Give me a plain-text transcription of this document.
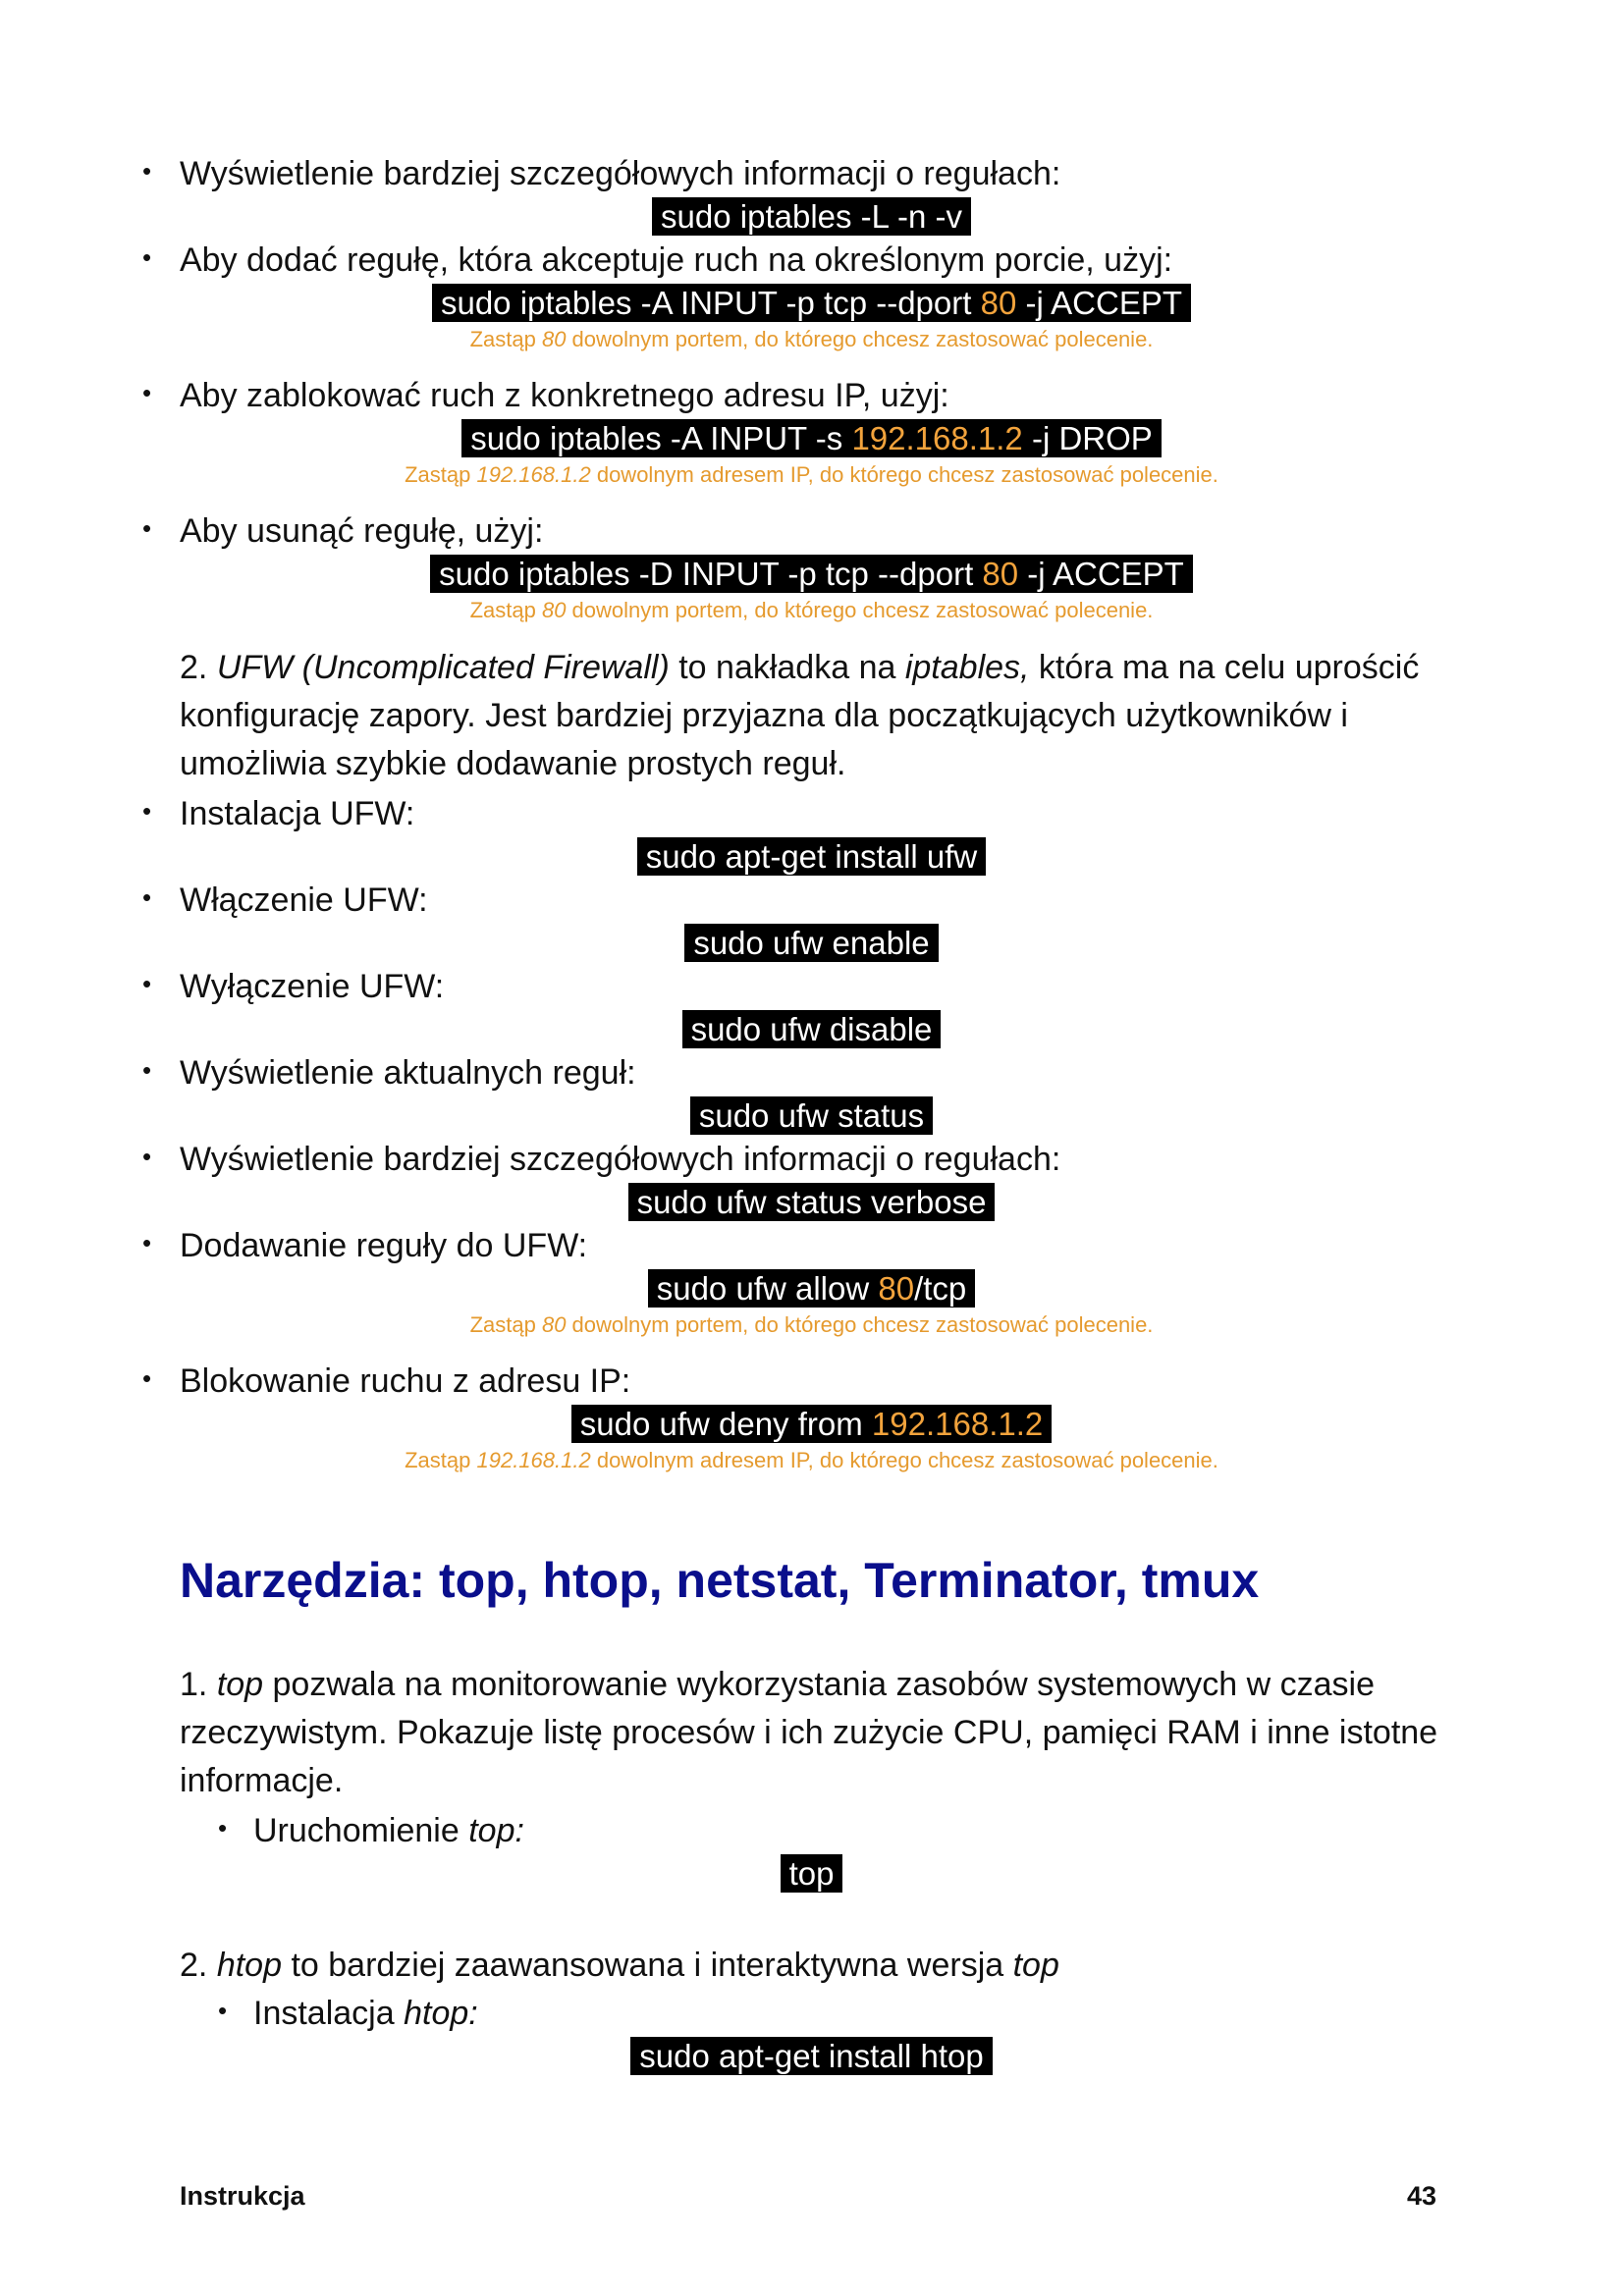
• Wyświetlenie bardziej szczegółowych informacji o regułach:
sudo iptables -L -n -v
• Aby dodać regułę, która akceptuje ruch na określonym porcie, użyj:
sudo iptables -A INPUT -p tcp --dport 80 -j ACCEPT
Zastąp 80 dowolnym portem, do którego chcesz zastosować polecenie.
• Aby zablokować ruch z konkretnego adresu IP, użyj:
sudo iptables -A INPUT -s 192.168.1.2 -j DROP
Zastąp 192.168.1.2 dowolnym adresem IP, do którego chcesz zastosować polecenie.
• Aby usunąć regułę, użyj:
sudo iptables -D INPUT -p tcp --dport 80 -j ACCEPT
Zastąp 80 dowolnym portem, do którego chcesz zastosować polecenie.
2. UFW (Uncomplicated Firewall) to nakładka na iptables, która ma na celu uprościć konfigurację zapory. Jest bardziej przyjazna dla początkujących użytkowników i umożliwia szybkie dodawanie prostych reguł.
• Instalacja UFW:
sudo apt-get install ufw
• Włączenie UFW:
sudo ufw enable
• Wyłączenie UFW:
sudo ufw disable
• Wyświetlenie aktualnych reguł:
sudo ufw status
• Wyświetlenie bardziej szczegółowych informacji o regułach:
sudo ufw status verbose
• Dodawanie reguły do UFW:
sudo ufw allow 80/tcp
Zastąp 80 dowolnym portem, do którego chcesz zastosować polecenie.
• Blokowanie ruchu z adresu IP:
sudo ufw deny from 192.168.1.2
Zastąp 192.168.1.2 dowolnym adresem IP, do którego chcesz zastosować polecenie.
Narzędzia: top, htop, netstat, Terminator, tmux
1. top pozwala na monitorowanie wykorzystania zasobów systemowych w czasie rzeczywistym. Pokazuje listę procesów i ich zużycie CPU, pamięci RAM i inne istotne informacje.
• Uruchomienie top:
top
2. htop to bardziej zaawansowana i interaktywna wersja top
• Instalacja htop:
sudo apt-get install htop
Instrukcja	43
